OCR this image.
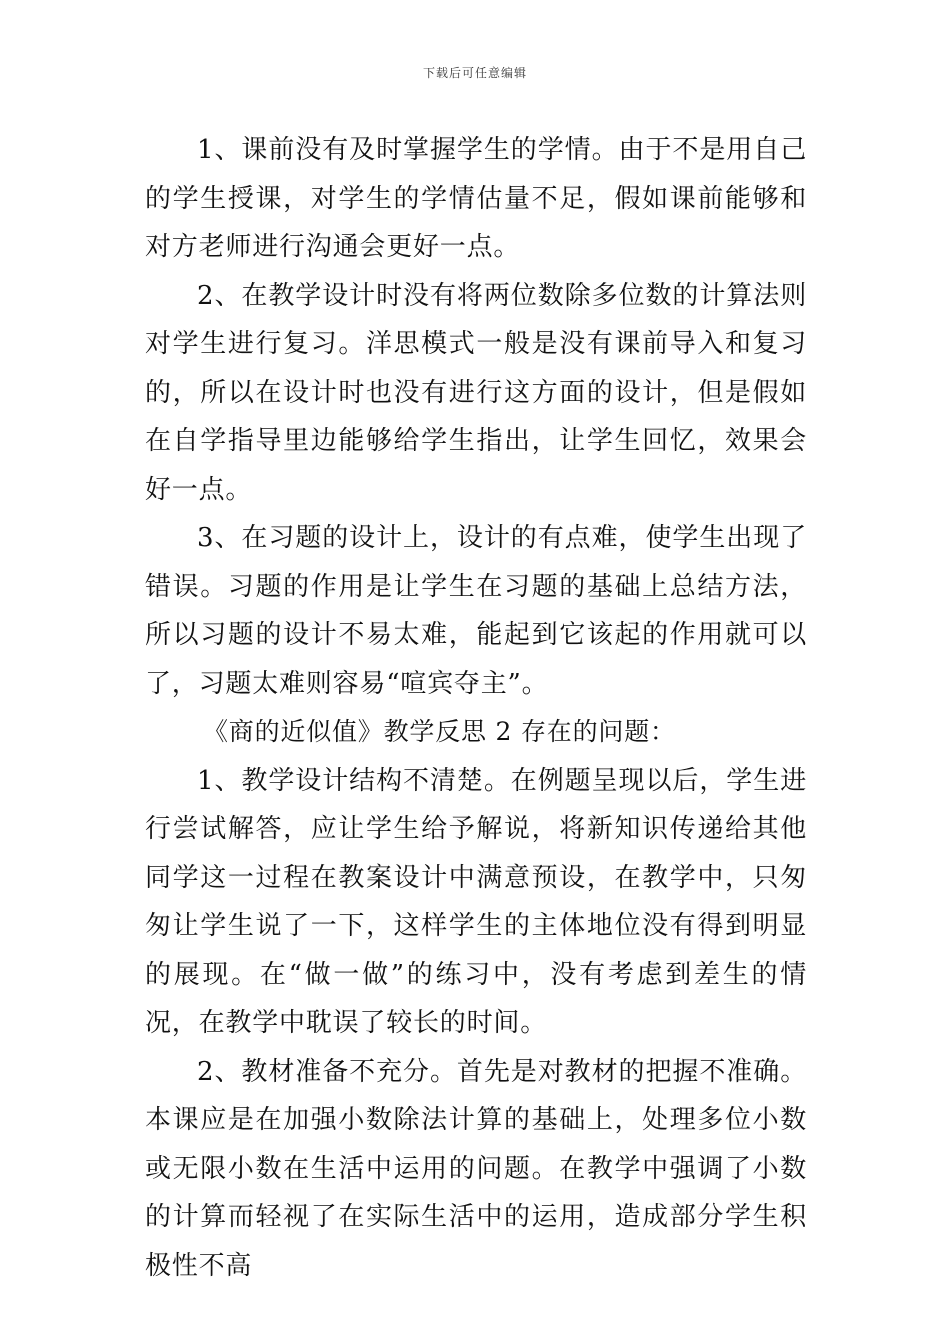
下载后可任意编辑

1、课前没有及时掌握学生的学情。由于不是用自己的学生授课，对学生的学情估量不足，假如课前能够和对方老师进行沟通会更好一点。

2、在教学设计时没有将两位数除多位数的计算法则对学生进行复习。洋思模式一般是没有课前导入和复习的，所以在设计时也没有进行这方面的设计，但是假如在自学指导里边能够给学生指出，让学生回忆，效果会好一点。

3、在习题的设计上，设计的有点难，使学生出现了错误。习题的作用是让学生在习题的基础上总结方法，所以习题的设计不易太难，能起到它该起的作用就可以了，习题太难则容易“喧宾夺主”。

《商的近似值》教学反思 2 存在的问题：

1、教学设计结构不清楚。在例题呈现以后，学生进行尝试解答，应让学生给予解说，将新知识传递给其他同学这一过程在教案设计中满意预设，在教学中，只匆匆让学生说了一下，这样学生的主体地位没有得到明显的展现。在“做一做”的练习中，没有考虑到差生的情况，在教学中耽误了较长的时间。

2、教材准备不充分。首先是对教材的把握不准确。本课应是在加强小数除法计算的基础上，处理多位小数或无限小数在生活中运用的问题。在教学中强调了小数的计算而轻视了在实际生活中的运用，造成部分学生积极性不高
